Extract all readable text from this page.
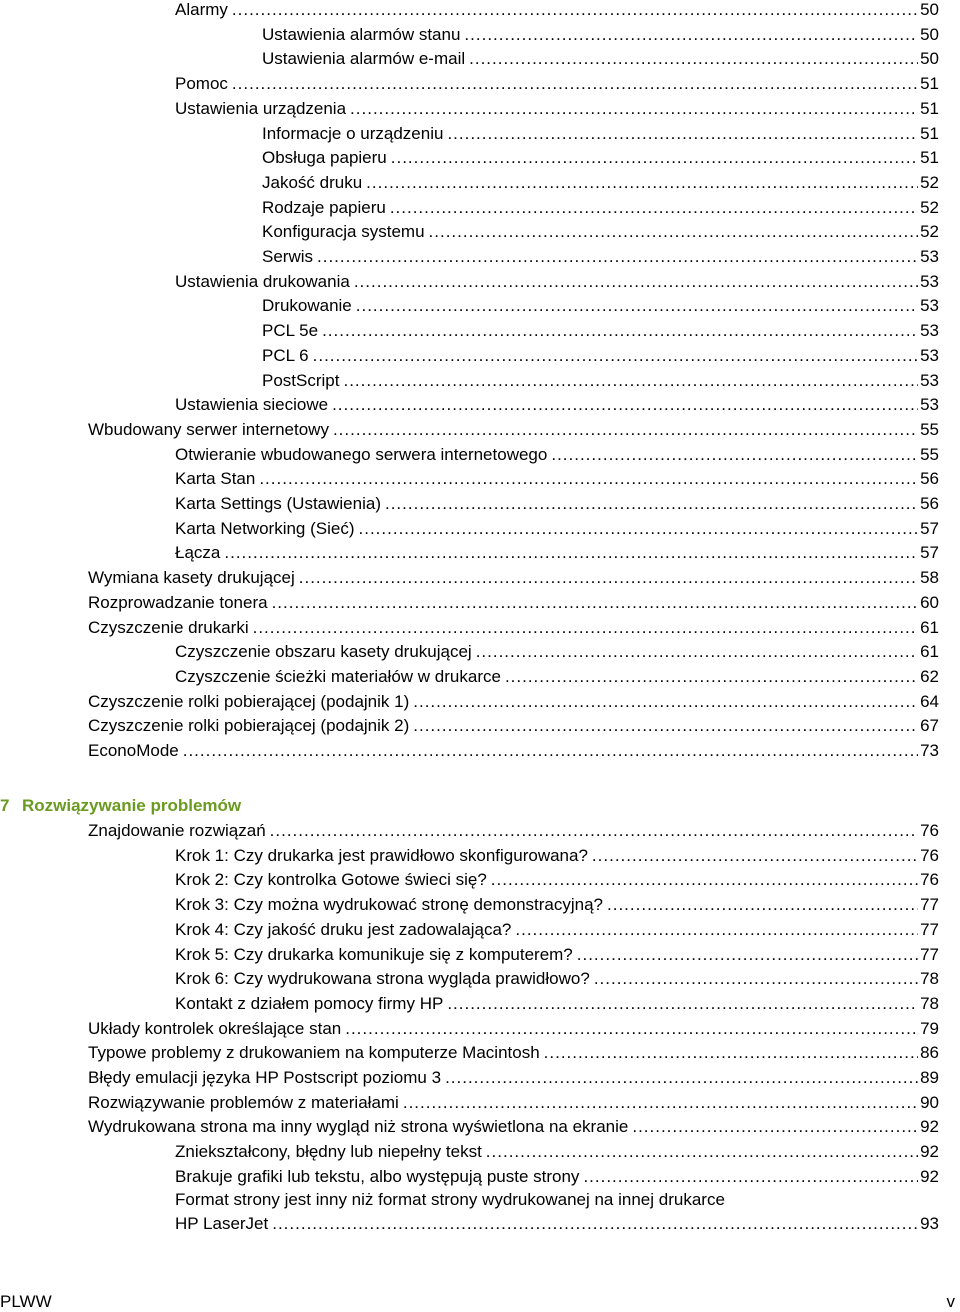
Alarmy .....	50
Ustawienia alarmów stanu .....	50
Ustawienia alarmów e-mail .....	50
Pomoc .....	51
Ustawienia urządzenia .....	51
Informacje o urządzeniu .....	51
Obsługa papieru .....	51
Jakość druku .....	52
Rodzaje papieru .....	52
Konfiguracja systemu .....	52
Serwis .....	53
Ustawienia drukowania .....	53
Drukowanie .....	53
PCL 5e .....	53
PCL 6 .....	53
PostScript .....	53
Ustawienia sieciowe .....	53
Wbudowany serwer internetowy .....	55
Otwieranie wbudowanego serwera internetowego .....	55
Karta Stan .....	56
Karta Settings (Ustawienia) .....	56
Karta Networking (Sieć) .....	57
Łącza .....	57
Wymiana kasety drukującej .....	58
Rozprowadzanie tonera .....	60
Czyszczenie drukarki .....	61
Czyszczenie obszaru kasety drukującej .....	61
Czyszczenie ścieżki materiałów w drukarce .....	62
Czyszczenie rolki pobierającej (podajnik 1) .....	64
Czyszczenie rolki pobierającej (podajnik 2) .....	67
EconoMode .....	73
7 Rozwiązywanie problemów
Znajdowanie rozwiązań .....	76
Krok 1: Czy drukarka jest prawidłowo skonfigurowana? .....	76
Krok 2: Czy kontrolka Gotowe świeci się? .....	76
Krok 3: Czy można wydrukować stronę demonstracyjną? .....	77
Krok 4: Czy jakość druku jest zadowalająca? .....	77
Krok 5: Czy drukarka komunikuje się z komputerem? .....	77
Krok 6: Czy wydrukowana strona wygląda prawidłowo? .....	78
Kontakt z działem pomocy firmy HP .....	78
Układy kontrolek określające stan .....	79
Typowe problemy z drukowaniem na komputerze Macintosh .....	86
Błędy emulacji języka HP Postscript poziomu 3 .....	89
Rozwiązywanie problemów z materiałami .....	90
Wydrukowana strona ma inny wygląd niż strona wyświetlona na ekranie .....	92
Zniekształcony, błędny lub niepełny tekst .....	92
Brakuje grafiki lub tekstu, albo występują puste strony .....	92
Format strony jest inny niż format strony wydrukowanej na innej drukarce
HP LaserJet .....	93
PLWW	v
